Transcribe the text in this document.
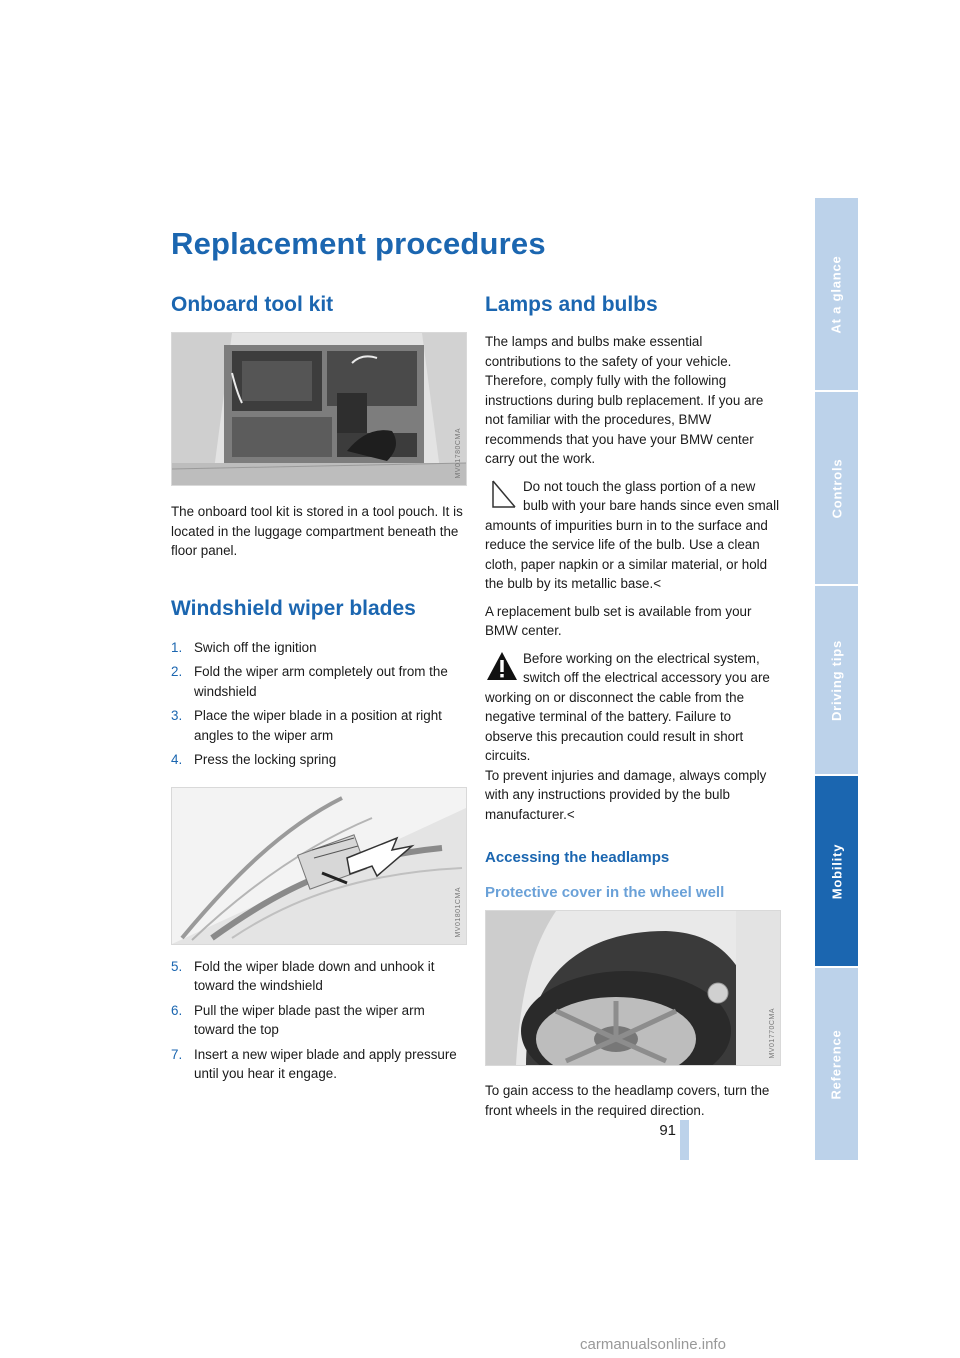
Replacement procedures
Onboard tool kit
MV01780CMA

The onboard tool kit is stored in a tool pouch. It is located in the luggage compartment beneath the floor panel.

Windshield wiper blades
1. Swich off the ignition
2. Fold the wiper arm completely out from the windshield
3. Place the wiper blade in a position at right angles to the wiper arm
4. Press the locking spring
MV01801CMA
5. Fold the wiper blade down and unhook it toward the windshield
6. Pull the wiper blade past the wiper arm toward the top
7. Insert a new wiper blade and apply pressure until you hear it engage.
Lamps and bulbs

The lamps and bulbs make essential contributions to the safety of your vehicle. Therefore, comply fully with the following instructions during bulb replacement. If you are not familiar with the procedures, BMW recommends that you have your BMW center carry out the work.

Do not touch the glass portion of a new bulb with your bare hands since even small amounts of impurities burn in to the surface and reduce the service life of the bulb. Use a clean cloth, paper napkin or a similar material, or hold the bulb by its metallic base.<

A replacement bulb set is available from your BMW center.

Before working on the electrical system, switch off the electrical accessory you are working on or disconnect the cable from the negative terminal of the battery. Failure to observe this precaution could result in short circuits.

To prevent injuries and damage, always comply with any instructions provided by the bulb manufacturer.<

Accessing the headlamps
Protective cover in the wheel well
MV01770CMA

To gain access to the headlamp covers, turn the front wheels in the required direction.

At a glance
Controls
Driving tips
Mobility
Reference
91
carmanualsonline.info
